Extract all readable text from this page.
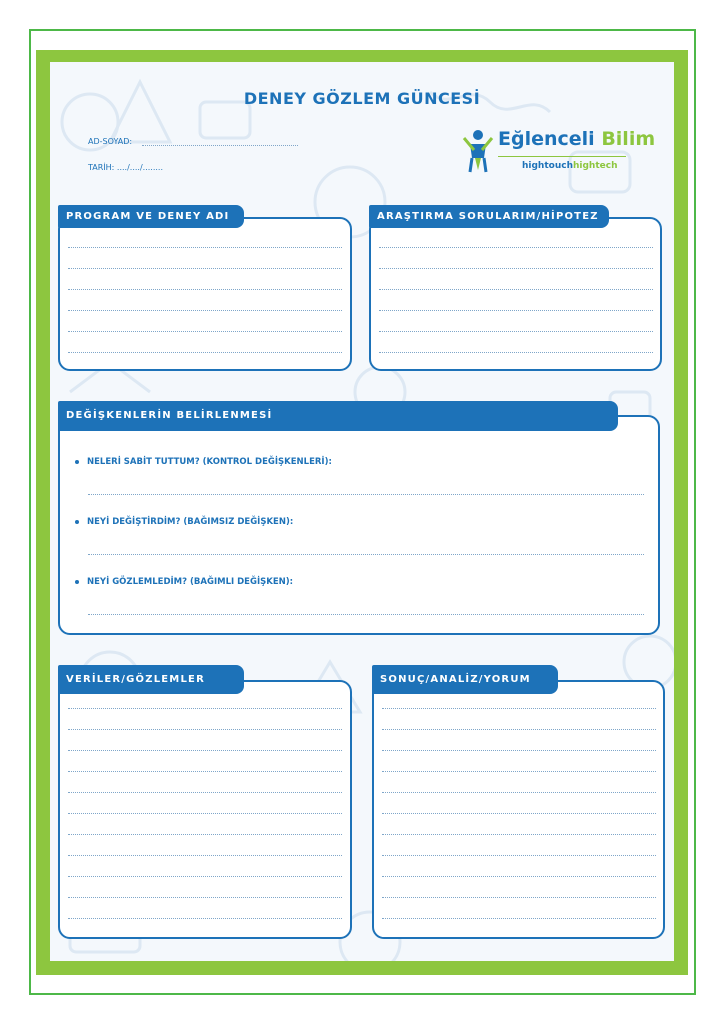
DENEY GÖZLEM GÜNCESİ
AD-SOYAD:
TARİH: ..../..../........
Eğlenceli Bilim
hightouchhightech
PROGRAM VE DENEY ADI	ARAŞTIRMA SORULARIM/HİPOTEZ
DEĞİŞKENLERİN BELİRLENMESİ
NELERİ SABİT TUTTUM? (KONTROL DEĞİŞKENLERİ):
NEYİ DEĞİŞTİRDİM? (BAĞIMSIZ DEĞİŞKEN):
NEYİ GÖZLEMLEDİM? (BAĞIMLI DEĞİŞKEN):
VERİLER/GÖZLEMLER	SONUÇ/ANALİZ/YORUM
